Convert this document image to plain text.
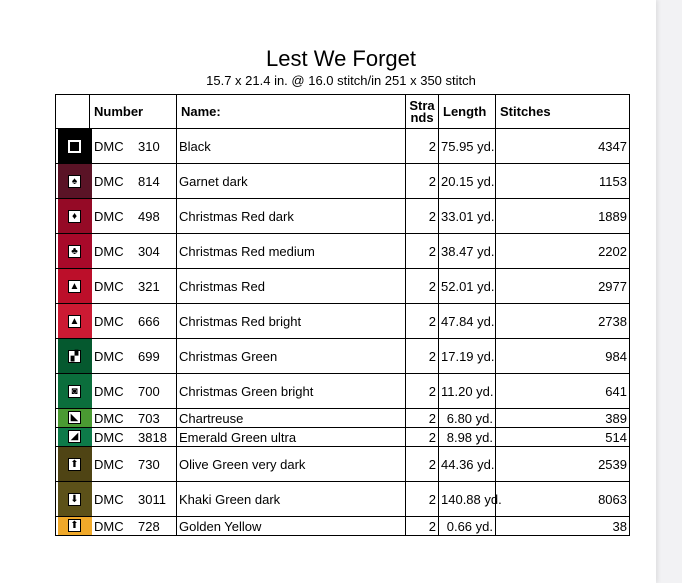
Lest We Forget
15.7 x 21.4 in. @ 16.0 stitch/in 251 x 350 stitch
	Number	Name:	Stra nds	Length	Stitches

□	DMC 310	Black	2	75.95 yd.	4347

♠	DMC 814	Garnet dark	2	20.15 yd.	1153

♦	DMC 498	Christmas Red dark	2	33.01 yd.	1889

♣	DMC 304	Christmas Red medium	2	38.47 yd.	2202

▲	DMC 321	Christmas Red	2	52.01 yd.	2977

▲	DMC 666	Christmas Red bright	2	47.84 yd.	2738

▞	DMC 699	Christmas Green	2	17.19 yd.	984

◙	DMC 700	Christmas Green bright	2	11.20 yd.	641

◣	DMC 703	Chartreuse	2	6.80 yd.	389

◢	DMC 3818	Emerald Green ultra	2	8.98 yd.	514

⬆	DMC 730	Olive Green very dark	2	44.36 yd.	2539

⬇	DMC 3011	Khaki Green dark	2	140.88 yd.	8063

⬆	DMC 728	Golden Yellow	2	0.66 yd.	38
